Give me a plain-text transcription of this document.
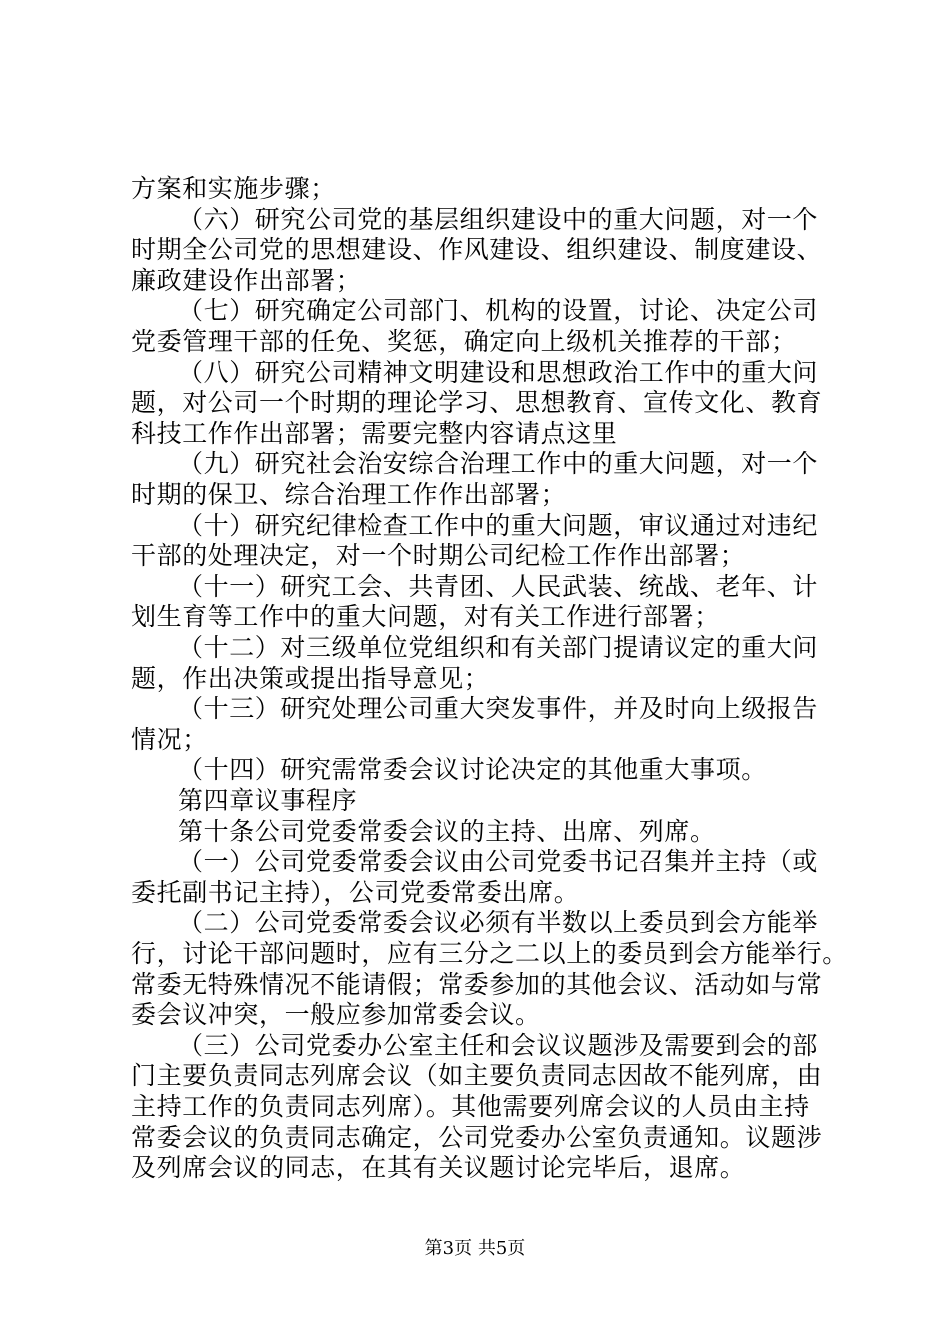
方案和实施步骤；
（六）研究公司党的基层组织建设中的重大问题，对一个
时期全公司党的思想建设、作风建设、组织建设、制度建设、
廉政建设作出部署；
（七）研究确定公司部门、机构的设置，讨论、决定公司
党委管理干部的任免、奖惩，确定向上级机关推荐的干部；
（八）研究公司精神文明建设和思想政治工作中的重大问
题，对公司一个时期的理论学习、思想教育、宣传文化、教育
科技工作作出部署；需要完整内容请点这里
（九）研究社会治安综合治理工作中的重大问题，对一个
时期的保卫、综合治理工作作出部署；
（十）研究纪律检查工作中的重大问题，审议通过对违纪
干部的处理决定，对一个时期公司纪检工作作出部署；
（十一）研究工会、共青团、人民武装、统战、老年、计
划生育等工作中的重大问题，对有关工作进行部署；
（十二）对三级单位党组织和有关部门提请议定的重大问
题，作出决策或提出指导意见；
（十三）研究处理公司重大突发事件，并及时向上级报告
情况；
（十四）研究需常委会议讨论决定的其他重大事项。
第四章议事程序
第十条公司党委常委会议的主持、出席、列席。
（一）公司党委常委会议由公司党委书记召集并主持（或
委托副书记主持），公司党委常委出席。
（二）公司党委常委会议必须有半数以上委员到会方能举
行，讨论干部问题时，应有三分之二以上的委员到会方能举行。
常委无特殊情况不能请假；常委参加的其他会议、活动如与常
委会议冲突，一般应参加常委会议。
（三）公司党委办公室主任和会议议题涉及需要到会的部
门主要负责同志列席会议（如主要负责同志因故不能列席，由
主持工作的负责同志列席）。其他需要列席会议的人员由主持
常委会议的负责同志确定，公司党委办公室负责通知。议题涉
及列席会议的同志，在其有关议题讨论完毕后，退席。
第3页 共5页
